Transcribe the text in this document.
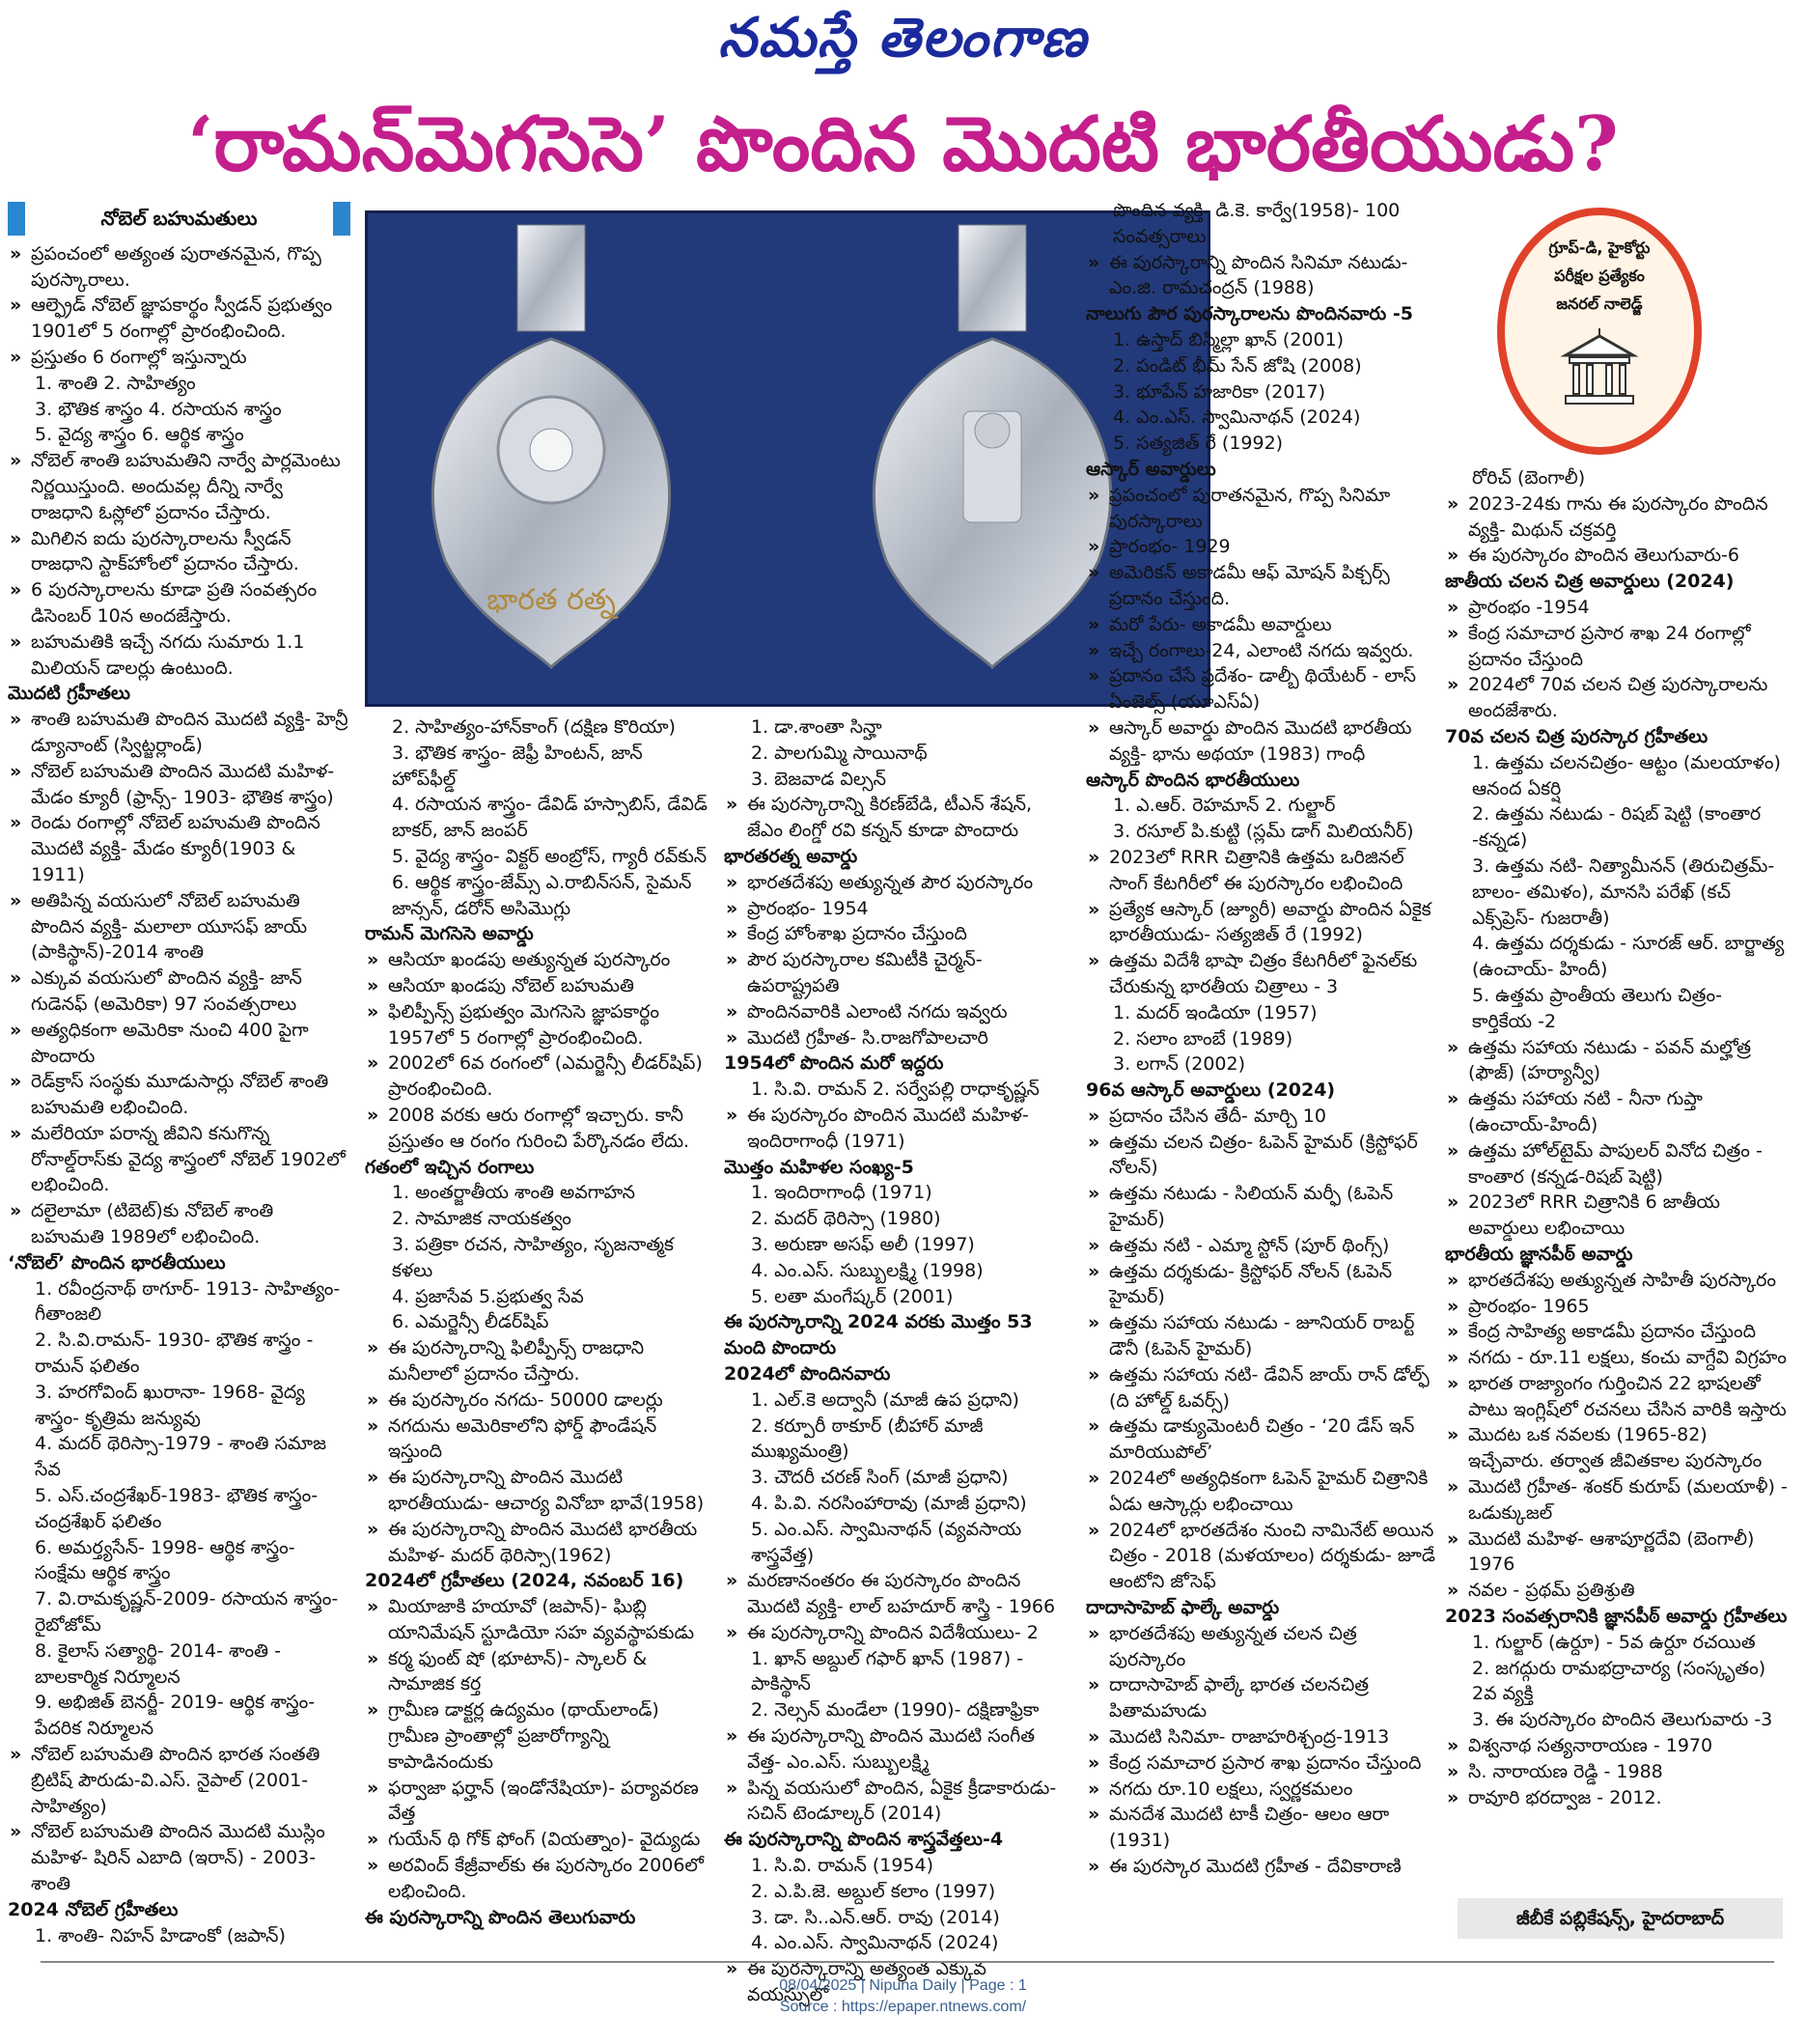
నమస్తే తెలంగాణ
‘రామన్‌మెగసెసె’ పొందిన మొదటి భారతీయుడు?
నోబెల్ బహుమతులు
» ప్రపంచంలో అత్యంత పురాతనమైన, గొప్ప పురస్కారాలు.
» ఆల్ఫ్రెడ్ నోబెల్ జ్ఞాపకార్థం స్వీడన్ ప్రభుత్వం 1901లో 5 రంగాల్లో ప్రారంభించింది.
» ప్రస్తుతం 6 రంగాల్లో ఇస్తున్నారు
1. శాంతి 2. సాహిత్యం
3. భౌతిక శాస్త్రం 4. రసాయన శాస్త్రం
5. వైద్య శాస్త్రం 6. ఆర్థిక శాస్త్రం
» నోబెల్ శాంతి బహుమతిని నార్వే పార్లమెంటు నిర్ణయిస్తుంది. అందువల్ల దీన్ని నార్వే రాజధాని ఓస్లోలో ప్రదానం చేస్తారు.
» మిగిలిన ఐదు పురస్కారాలను స్వీడన్ రాజధాని స్టాక్‌హోంలో ప్రదానం చేస్తారు.
» 6 పురస్కారాలను కూడా ప్రతి సంవత్సరం డిసెంబర్ 10న అందజేస్తారు.
» బహుమతికి ఇచ్చే నగదు సుమారు 1.1 మిలియన్ డాలర్లు ఉంటుంది.
మొదటి గ్రహీతలు
» శాంతి బహుమతి పొందిన మొదటి వ్యక్తి- హెన్రీ డ్యూనాంట్ (స్విట్జర్లాండ్)
» నోబెల్ బహుమతి పొందిన మొదటి మహిళ- మేడం క్యూరీ (ఫ్రాన్స్- 1903- భౌతిక శాస్త్రం)
» రెండు రంగాల్లో నోబెల్ బహుమతి పొందిన మొదటి వ్యక్తి- మేడం క్యూరీ(1903 & 1911)
» అతిపిన్న వయసులో నోబెల్ బహుమతి పొందిన వ్యక్తి- మలాలా యూసఫ్ జాయ్ (పాకిస్థాన్)-2014 శాంతి
» ఎక్కువ వయసులో పొందిన వ్యక్తి- జాన్ గుడెనఫ్ (అమెరికా) 97 సంవత్సరాలు
» అత్యధికంగా అమెరికా నుంచి 400 పైగా పొందారు
» రెడ్‌క్రాస్ సంస్థకు మూడుసార్లు నోబెల్ శాంతి బహుమతి లభించింది.
» మలేరియా పరాన్న జీవిని కనుగొన్న రోనాల్డ్‌రాస్‌కు వైద్య శాస్త్రంలో నోబెల్ 1902లో లభించింది.
» దలైలామా (టిబెట్)కు నోబెల్ శాంతి బహుమతి 1989లో లభించింది.
‘నోబెల్’ పొందిన భారతీయులు
1. రవీంద్రనాథ్ ఠాగూర్- 1913- సాహిత్యం- గీతాంజలి
2. సి.వి.రామన్- 1930- భౌతిక శాస్త్రం - రామన్ ఫలితం
3. హరగోవింద్ ఖురానా- 1968- వైద్య శాస్త్రం- కృత్రిమ జన్యువు
4. మదర్ థెరిస్సా-1979 - శాంతి సమాజ సేవ
5. ఎస్.చంద్రశేఖర్-1983- భౌతిక శాస్త్రం- చంద్రశేఖర్ ఫలితం
6. అమర్త్యసేన్- 1998- ఆర్థిక శాస్త్రం- సంక్షేమ ఆర్థిక శాస్త్రం
7. వి.రామకృష్ణన్-2009- రసాయన శాస్త్రం- రైబోజోమ్
8. కైలాస్ సత్యార్థి- 2014- శాంతి - బాలకార్మిక నిర్మూలన
9. అభిజిత్ బెనర్జీ- 2019- ఆర్థిక శాస్త్రం- పేదరిక నిర్మూలన
» నోబెల్ బహుమతి పొందిన భారత సంతతి బ్రిటిష్ పౌరుడు-వి.ఎస్. నైపాల్ (2001-సాహిత్యం)
» నోబెల్ బహుమతి పొందిన మొదటి ముస్లిం మహిళ- షిరిన్ ఎబాది (ఇరాన్) - 2003-శాంతి
2024 నోబెల్ గ్రహీతలు
1. శాంతి- నిహన్ హిడాంకో (జపాన్)
భారత రత్న
గ్రూప్-డి, హైకోర్టు
పరీక్షల ప్రత్యేకం
జనరల్ నాలెడ్జ్
2. సాహిత్యం-హాన్‌కాంగ్ (దక్షిణ కొరియా)
3. భౌతిక శాస్త్రం- జెఫ్రీ హింటన్, జాన్ హోప్‌ఫీల్డ్
4. రసాయన శాస్త్రం- డేవిడ్ హస్సాబిస్, డేవిడ్ బాకర్, జాన్ జంపర్
5. వైద్య శాస్త్రం- విక్టర్ అంబ్రోస్, గ్యారీ రవ్‌కున్
6. ఆర్థిక శాస్త్రం-జేమ్స్ ఎ.రాబిన్‌సన్, సైమన్ జాన్సన్, డరోన్ అసిమొగ్లు
రామన్ మెగసెసె అవార్డు
» ఆసియా ఖండపు అత్యున్నత పురస్కారం
» ఆసియా ఖండపు నోబెల్ బహుమతి
» ఫిలిప్పీన్స్ ప్రభుత్వం మెగసెసె జ్ఞాపకార్థం 1957లో 5 రంగాల్లో ప్రారంభించింది.
» 2002లో 6వ రంగంలో (ఎమర్జెన్సీ లీడర్‌షిప్) ప్రారంభించింది.
» 2008 వరకు ఆరు రంగాల్లో ఇచ్చారు. కానీ ప్రస్తుతం ఆ రంగం గురించి పేర్కొనడం లేదు.
గతంలో ఇచ్చిన రంగాలు
1. అంతర్జాతీయ శాంతి అవగాహన
2. సామాజిక నాయకత్వం
3. పత్రికా రచన, సాహిత్యం, సృజనాత్మక కళలు
4. ప్రజాసేవ 5.ప్రభుత్వ సేవ
6. ఎమర్జెన్సీ లీడర్‌షిప్
» ఈ పురస్కారాన్ని ఫిలిప్పీన్స్ రాజధాని మనీలాలో ప్రదానం చేస్తారు.
» ఈ పురస్కారం నగదు- 50000 డాలర్లు
» నగదును అమెరికాలోని ఫోర్డ్ ఫౌండేషన్ ఇస్తుంది
» ఈ పురస్కారాన్ని పొందిన మొదటి భారతీయుడు- ఆచార్య వినోబా భావే(1958)
» ఈ పురస్కారాన్ని పొందిన మొదటి భారతీయ మహిళ- మదర్ థెరిస్సా(1962)
2024లో గ్రహీతలు (2024, నవంబర్ 16)
» మియాజాకి హయావో (జపాన్)- ఘిబ్లి యానిమేషన్ స్టూడియో సహ వ్యవస్థాపకుడు
» కర్మ ఫుంట్ షో (భూటాన్)- స్కాలర్ & సామాజిక కర్త
» గ్రామీణ డాక్టర్ల ఉద్యమం (థాయ్‌లాండ్) గ్రామీణ ప్రాంతాల్లో ప్రజారోగ్యాన్ని కాపాడినందుకు
» ఫర్వాజా ఫర్హాన్ (ఇండోనేషియా)- పర్యావరణ వేత్త
» గుయేన్ థి గోక్ ఫోంగ్ (వియత్నాం)- వైద్యుడు
» అరవింద్ కేజ్రీవాల్‌కు ఈ పురస్కారం 2006లో లభించింది.
ఈ పురస్కారాన్ని పొందిన తెలుగువారు
1. డా.శాంతా సిన్హా
2. పాలగుమ్మి సాయినాథ్
3. బెజవాడ విల్సన్
» ఈ పురస్కారాన్ని కిరణ్‌బేడి, టీఎన్ శేషన్, జేఎం లింగ్డో రవి కన్నన్ కూడా పొందారు
భారతరత్న అవార్డు
» భారతదేశపు అత్యున్నత పౌర పురస్కారం
» ప్రారంభం- 1954
» కేంద్ర హోంశాఖ ప్రదానం చేస్తుంది
» పౌర పురస్కారాల కమిటీకి చైర్మన్- ఉపరాష్ట్రపతి
» పొందినవారికి ఎలాంటి నగదు ఇవ్వరు
» మొదటి గ్రహీత- సి.రాజగోపాలచారి
1954లో పొందిన మరో ఇద్దరు
1. సి.వి. రామన్ 2. సర్వేపల్లి రాధాకృష్ణన్
» ఈ పురస్కారం పొందిన మొదటి మహిళ- ఇందిరాగాంధీ (1971)
మొత్తం మహిళల సంఖ్య-5
1. ఇందిరాగాంధీ (1971)
2. మదర్ థెరిస్సా (1980)
3. అరుణా అసఫ్ అలీ (1997)
4. ఎం.ఎస్. సుబ్బులక్ష్మి (1998)
5. లతా మంగేష్కర్ (2001)
ఈ పురస్కారాన్ని 2024 వరకు మొత్తం 53 మంది పొందారు
2024లో పొందినవారు
1. ఎల్.కె అద్వానీ (మాజీ ఉప ప్రధాని)
2. కర్పూరీ ఠాకూర్ (బీహార్ మాజీ ముఖ్యమంత్రి)
3. చౌదరీ చరణ్ సింగ్ (మాజీ ప్రధాని)
4. పి.వి. నరసింహారావు (మాజీ ప్రధాని)
5. ఎం.ఎస్. స్వామినాథన్ (వ్యవసాయ శాస్త్రవేత్త)
» మరణానంతరం ఈ పురస్కారం పొందిన మొదటి వ్యక్తి- లాల్ బహదూర్ శాస్త్రి - 1966
» ఈ పురస్కారాన్ని పొందిన విదేశీయులు- 2
1. ఖాన్ అబ్దుల్ గఫార్ ఖాన్ (1987) - పాకిస్థాన్
2. నెల్సన్ మండేలా (1990)- దక్షిణాఫ్రికా
» ఈ పురస్కారాన్ని పొందిన మొదటి సంగీత వేత్త- ఎం.ఎస్. సుబ్బులక్ష్మి
» పిన్న వయసులో పొందిన, ఏకైక క్రీడాకారుడు- సచిన్ టెండూల్కర్ (2014)
ఈ పురస్కారాన్ని పొందిన శాస్త్రవేత్తలు-4
1. సి.వి. రామన్ (1954)
2. ఎ.పి.జె. అబ్దుల్ కలాం (1997)
3. డా. సి..ఎన్.ఆర్. రావు (2014)
4. ఎం.ఎస్. స్వామినాథన్ (2024)
» ఈ పురస్కారాన్ని అత్యంత ఎక్కువ వయస్సులో
పొందిన వ్యక్తి- డి.కె. కార్వే(1958)- 100 సంవత్సరాలు
» ఈ పురస్కారాన్ని పొందిన సినిమా నటుడు- ఎం.జి. రామచంద్రన్ (1988)
నాలుగు పౌర పురస్కారాలను పొందినవారు -5
1. ఉస్తాద్ బిస్మిల్లా ఖాన్ (2001)
2. పండిట్ భీమ్ సేన్ జోషి (2008)
3. భూపేన్ హజారికా (2017)
4. ఎం.ఎస్. స్వామినాథన్ (2024)
5. సత్యజిత్ రే (1992)
ఆస్కార్ అవార్డులు
» ప్రపంచంలో పురాతనమైన, గొప్ప సినిమా పురస్కారాలు
» ప్రారంభం- 1929
» అమెరికన్ అకాడమీ ఆఫ్ మోషన్ పిక్చర్స్ ప్రదానం చేస్తుంది.
» మరో పేరు- అకాడమీ అవార్డులు
» ఇచ్చే రంగాలు-24, ఎలాంటి నగదు ఇవ్వరు.
» ప్రదానం చేసే ప్రదేశం- డాల్బీ థియేటర్ - లాస్ ఏంజెల్స్ (యూఎస్ఏ)
» ఆస్కార్ అవార్డు పొందిన మొదటి భారతీయ వ్యక్తి- భాను అథయా (1983) గాంధీ
ఆస్కార్ పొందిన భారతీయులు
1. ఎ.ఆర్. రెహమాన్ 2. గుల్జార్
3. రసూల్ పి.కుట్టి (స్లమ్ డాగ్ మిలియనీర్)
» 2023లో RRR చిత్రానికి ఉత్తమ ఒరిజినల్ సాంగ్ కేటగిరీలో ఈ పురస్కారం లభించింది
» ప్రత్యేక ఆస్కార్ (జ్యూరీ) అవార్డు పొందిన ఏకైక భారతీయుడు- సత్యజిత్ రే (1992)
» ఉత్తమ విదేశీ భాషా చిత్రం కేటగిరీలో ఫైనల్‌కు చేరుకున్న భారతీయ చిత్రాలు - 3
1. మదర్ ఇండియా (1957)
2. సలాం బాంబే (1989)
3. లగాన్ (2002)
96వ ఆస్కార్ అవార్డులు (2024)
» ప్రదానం చేసిన తేదీ- మార్చి 10
» ఉత్తమ చలన చిత్రం- ఓపెన్ హైమర్ (క్రిస్టోఫర్ నోలన్)
» ఉత్తమ నటుడు - సిలియన్ మర్ఫీ (ఓపెన్ హైమర్)
» ఉత్తమ నటి - ఎమ్మా స్టోన్ (పూర్ థింగ్స్)
» ఉత్తమ దర్శకుడు- క్రిస్టోఫర్ నోలన్ (ఓపెన్ హైమర్)
» ఉత్తమ సహాయ నటుడు - జూనియర్ రాబర్ట్ డౌనీ (ఓపెన్ హైమర్)
» ఉత్తమ సహాయ నటి- డేవిన్ జాయ్ రాన్ డోల్ఫ్ (ది హోల్డ్ ఓవర్స్)
» ఉత్తమ డాక్యుమెంటరీ చిత్రం - ‘20 డేస్ ఇన్ మారియుపోల్’
» 2024లో అత్యధికంగా ఓపెన్ హైమర్ చిత్రానికి ఏడు ఆస్కార్లు లభించాయి
» 2024లో భారతదేశం నుంచి నామినేట్ అయిన చిత్రం - 2018 (మళయాలం) దర్శకుడు- జూడే ఆంటోని జోసెఫ్
దాదాసాహెబ్ ఫాల్కే అవార్డు
» భారతదేశపు అత్యున్నత చలన చిత్ర పురస్కారం
» దాదాసాహెబ్ ఫాల్కే భారత చలనచిత్ర పితామహుడు
» మొదటి సినిమా- రాజాహరిశ్చంద్ర-1913
» కేంద్ర సమాచార ప్రసార శాఖ ప్రదానం చేస్తుంది
» నగదు రూ.10 లక్షలు, స్వర్ణకమలం
» మనదేశ మొదటి టాకీ చిత్రం- ఆలం ఆరా (1931)
» ఈ పురస్కార మొదటి గ్రహీత - దేవికారాణి
రోరిచ్ (బెంగాలీ)
» 2023-24కు గాను ఈ పురస్కారం పొందిన వ్యక్తి- మిథున్ చక్రవర్తి
» ఈ పురస్కారం పొందిన తెలుగువారు-6
జాతీయ చలన చిత్ర అవార్డులు (2024)
» ప్రారంభం -1954
» కేంద్ర సమాచార ప్రసార శాఖ 24 రంగాల్లో ప్రదానం చేస్తుంది
» 2024లో 70వ చలన చిత్ర పురస్కారాలను అందజేశారు.
70వ చలన చిత్ర పురస్కార గ్రహీతలు
1. ఉత్తమ చలనచిత్రం- ఆట్టం (మలయాళం) ఆనంద ఏకర్షి
2. ఉత్తమ నటుడు - రిషబ్ షెట్టి (కాంతార -కన్నడ)
3. ఉత్తమ నటి- నిత్యామీనన్ (తిరుచిత్రమ్-బాలం- తమిళం), మానసి పరేఖ్ (కచ్ ఎక్స్‌ప్రెస్- గుజరాతీ)
4. ఉత్తమ దర్శకుడు - సూరజ్ ఆర్. బార్జాత్య (ఉంచాయ్- హిందీ)
5. ఉత్తమ ప్రాంతీయ తెలుగు చిత్రం- కార్తికేయ -2
» ఉత్తమ సహాయ నటుడు - పవన్ మల్హోత్ర (ఫౌజ్) (హర్యాన్వీ)
» ఉత్తమ సహాయ నటి - నీనా గుప్తా (ఉంచాయ్-హిందీ)
» ఉత్తమ హోల్‌టైమ్ పాపులర్ వినోద చిత్రం - కాంతార (కన్నడ-రిషబ్ షెట్టి)
» 2023లో RRR చిత్రానికి 6 జాతీయ అవార్డులు లభించాయి
భారతీయ జ్ఞానపీఠ్ అవార్డు
» భారతదేశపు అత్యున్నత సాహితీ పురస్కారం
» ప్రారంభం- 1965
» కేంద్ర సాహిత్య అకాడమీ ప్రదానం చేస్తుంది
» నగదు - రూ.11 లక్షలు, కంచు వాగ్దేవి విగ్రహం
» భారత రాజ్యాంగం గుర్తించిన 22 భాషలతో పాటు ఇంగ్లిష్‌లో రచనలు చేసిన వారికి ఇస్తారు
» మొదట ఒక నవలకు (1965-82) ఇచ్చేవారు. తర్వాత జీవితకాల పురస్కారం
» మొదటి గ్రహీత- శంకర్ కురూప్ (మలయాళీ) - ఒడుక్కుజల్
» మొదటి మహిళ- ఆశాపూర్ణదేవి (బెంగాలీ) 1976
» నవల - ప్రథమ్ ప్రతిశ్రుతి
2023 సంవత్సరానికి జ్ఞానపీఠ్ అవార్డు గ్రహీతలు
1. గుల్జార్ (ఉర్దూ) - 5వ ఉర్దూ రచయిత
2. జగద్గురు రామభద్రాచార్య (సంస్కృతం) 2వ వ్యక్తి
3. ఈ పురస్కారం పొందిన తెలుగువారు -3
» విశ్వనాథ సత్యనారాయణ - 1970
» సి. నారాయణ రెడ్డి - 1988
» రావూరి భరద్వాజ - 2012.
జీబీకే పబ్లికేషన్స్, హైదరాబాద్
08/04/2025 | Nipuna Daily | Page : 1
Source : https://epaper.ntnews.com/
